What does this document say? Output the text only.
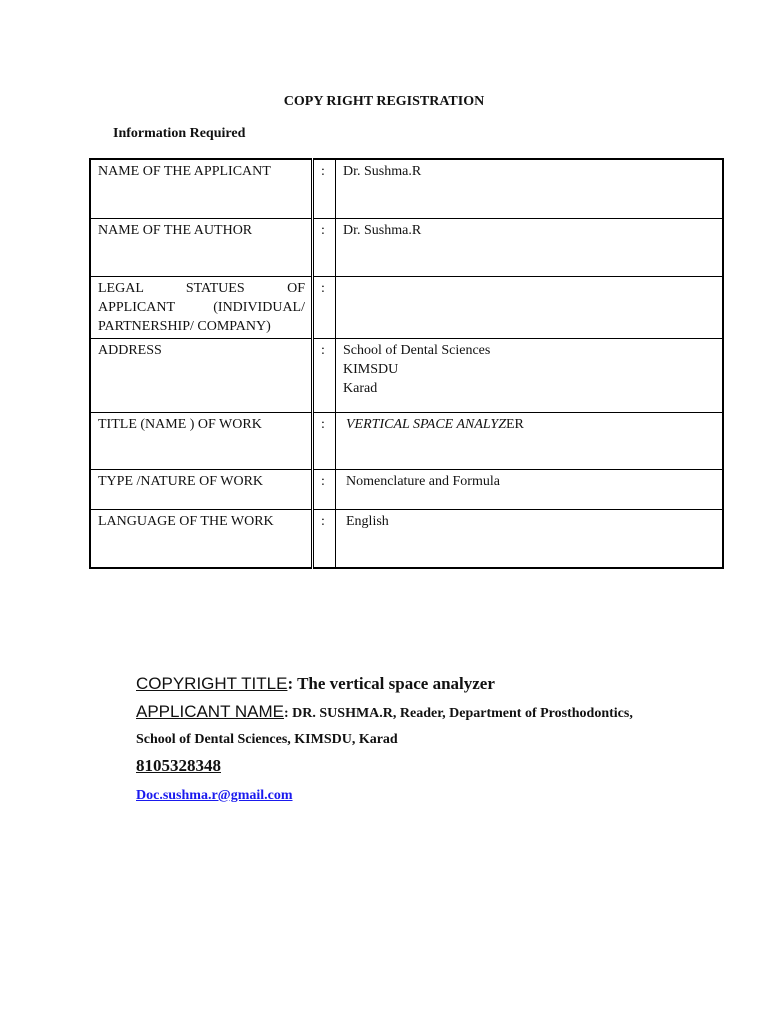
COPY RIGHT REGISTRATION
Information Required
NAME OF THE APPLICANT	:	Dr. Sushma.R
NAME OF THE AUTHOR	:	Dr. Sushma.R
LEGAL STATUES OF APPLICANT (INDIVIDUAL/ PARTNERSHIP/ COMPANY)	:	
ADDRESS	:	School of Dental Sciences
KIMSDU
Karad

TITLE (NAME ) OF WORK	:	VERTICAL SPACE ANALYZER
TYPE /NATURE OF WORK	:	Nomenclature and Formula
LANGUAGE OF THE WORK	:	English

COPYRIGHT TITLE: The vertical space analyzer

APPLICANT NAME: DR. SUSHMA.R, Reader, Department of Prosthodontics,

School of Dental Sciences, KIMSDU, Karad

8105328348

Doc.sushma.r@gmail.com
